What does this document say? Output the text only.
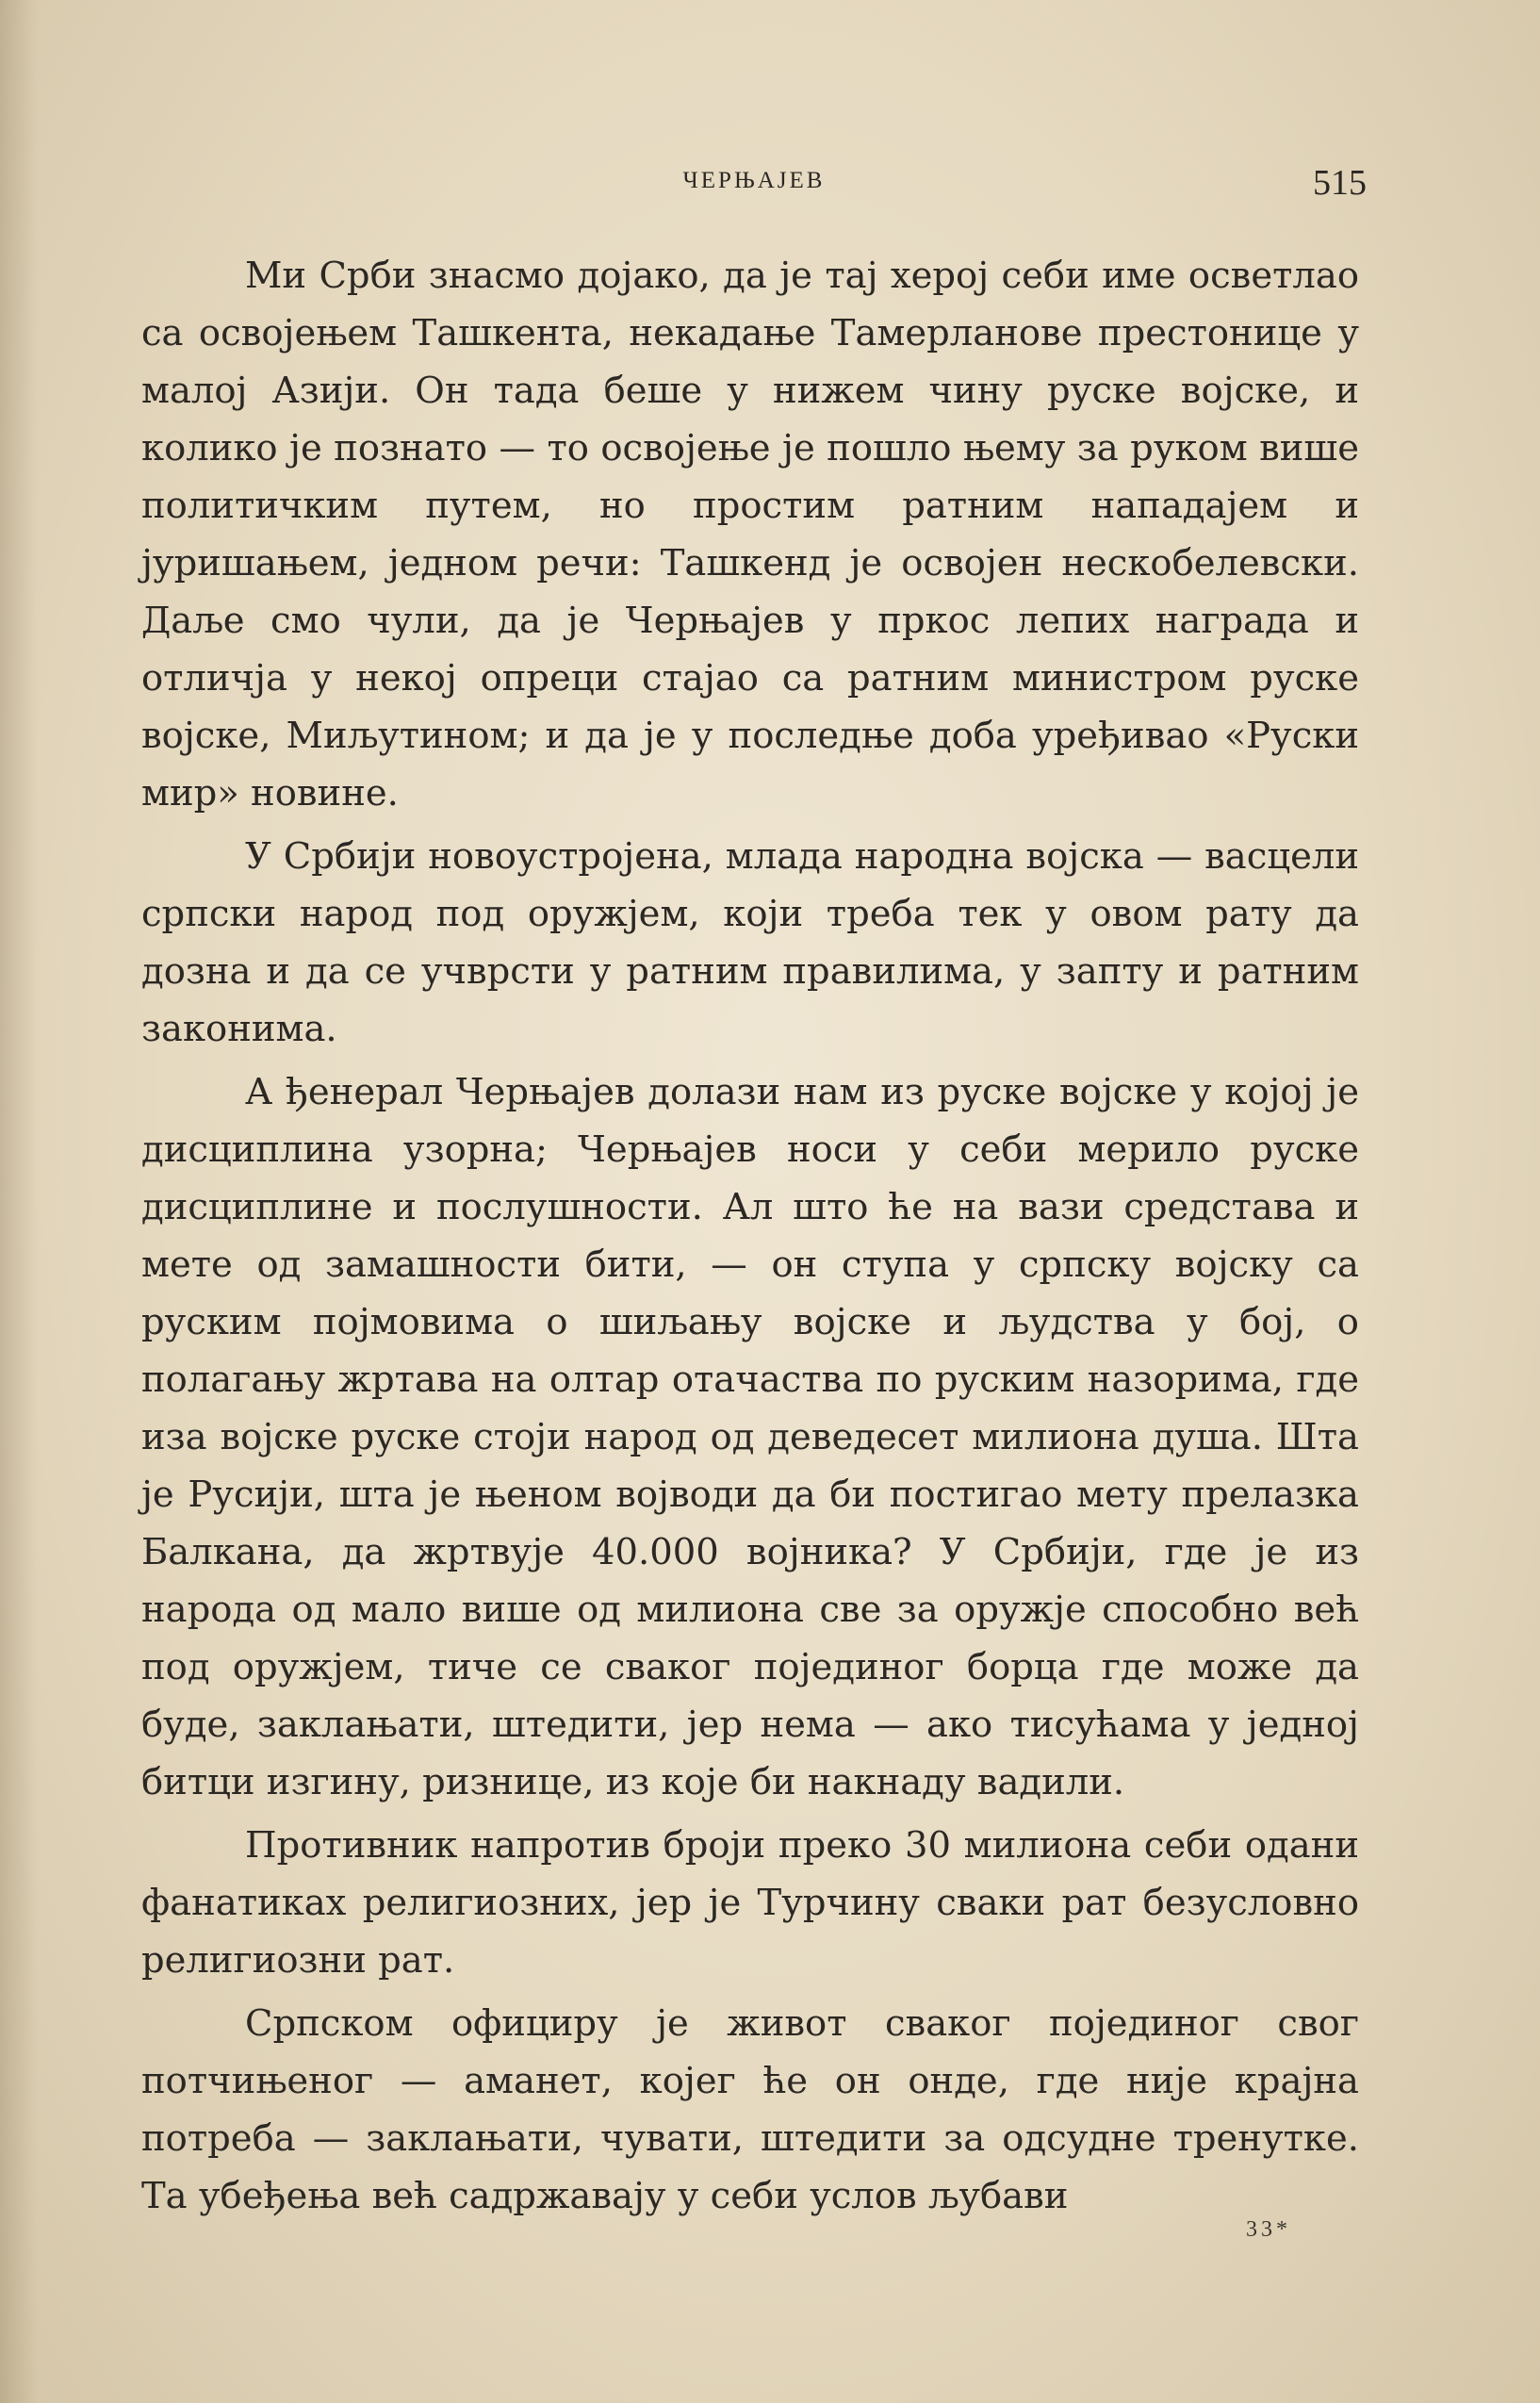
ЧЕРЊАЈЕВ	515

Ми Срби знасмо дојако, да је тај херој себи име осветлао са освојењем Ташкента, некадање Тамерланове престонице у малој Азији. Он тада беше у нижем чину руске војске, и колико је познато — то освојење је пошло њему за руком више политичким путем, но простим ратним нападајем и јуришањем, једном речи: Ташкенд је освојен нескобелевски. Даље смо чули, да је Черњајев у пркос лепих награда и отличја у некој опреци стајао са ратним министром руске војске, Миљутином; и да је у последње доба уређивао «Руски мир» новине.

У Србији новоустројена, млада народна војска — васцели српски народ под оружјем, који треба тек у овом рату да дозна и да се учврсти у ратним правилима, у запту и ратним законима.

А ђенерал Черњајев долази нам из руске војске у којој је дисциплина узорна; Черњајев носи у себи мерило руске дисциплине и послушности. Ал што ће на вази средстава и мете од замашности бити, — он ступа у српску војску са руским појмовима о шиљању војске и људства у бој, о полагању жртава на олтар отачаства по руским назорима, где иза војске руске стоји народ од деведесет милиона душа. Шта је Русији, шта је њеном војводи да би постигао мету прелазка Балкана, да жртвује 40.000 војника? У Србији, где је из народа од мало више од милиона све за оружје способно већ под оружјем, тиче се сваког појединог борца где може да буде, заклањати, штедити, јер нема — ако тисућама у једној битци изгину, ризнице, из које би накнаду вадили.

Противник напротив броји преко 30 милиона себи одани фанатиках религиозних, јер је Турчину сваки рат безусловно религиозни рат.

Српском официру је живот сваког појединог свог потчињеног — аманет, којег ће он онде, где није крајна потреба — заклањати, чувати, штедити за одсудне тренутке. Та убеђења већ садржавају у себи услов љубави

33*
